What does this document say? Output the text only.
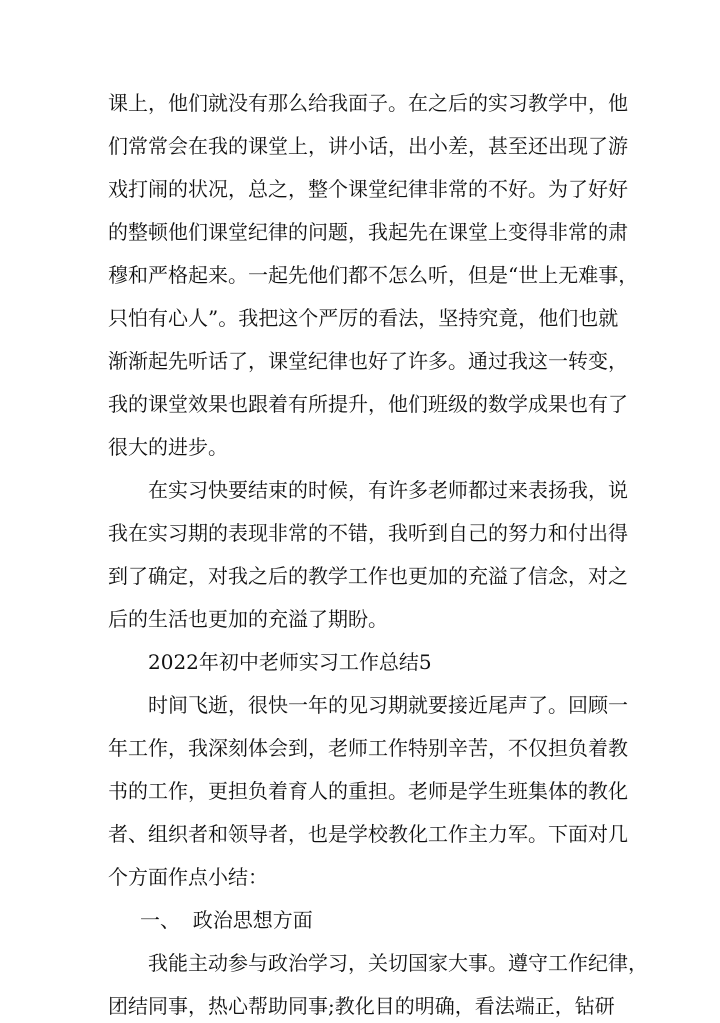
课上，他们就没有那么给我面子。在之后的实习教学中，他
们常常会在我的课堂上，讲小话，出小差，甚至还出现了游
戏打闹的状况，总之，整个课堂纪律非常的不好。为了好好
的整顿他们课堂纪律的问题，我起先在课堂上变得非常的肃
穆和严格起来。一起先他们都不怎么听，但是“世上无难事，
只怕有心人”。我把这个严厉的看法，坚持究竟，他们也就
渐渐起先听话了，课堂纪律也好了许多。通过我这一转变，
我的课堂效果也跟着有所提升，他们班级的数学成果也有了
很大的进步。
在实习快要结束的时候，有许多老师都过来表扬我，说
我在实习期的表现非常的不错，我听到自己的努力和付出得
到了确定，对我之后的教学工作也更加的充溢了信念，对之
后的生活也更加的充溢了期盼。
2022年初中老师实习工作总结5
时间飞逝，很快一年的见习期就要接近尾声了。回顾一
年工作，我深刻体会到，老师工作特别辛苦，不仅担负着教
书的工作，更担负着育人的重担。老师是学生班集体的教化
者、组织者和领导者，也是学校教化工作主力军。下面对几
个方面作点小结：
一、  政治思想方面
我能主动参与政治学习，关切国家大事。遵守工作纪律，
团结同事，热心帮助同事;教化目的明确，看法端正，钻研
